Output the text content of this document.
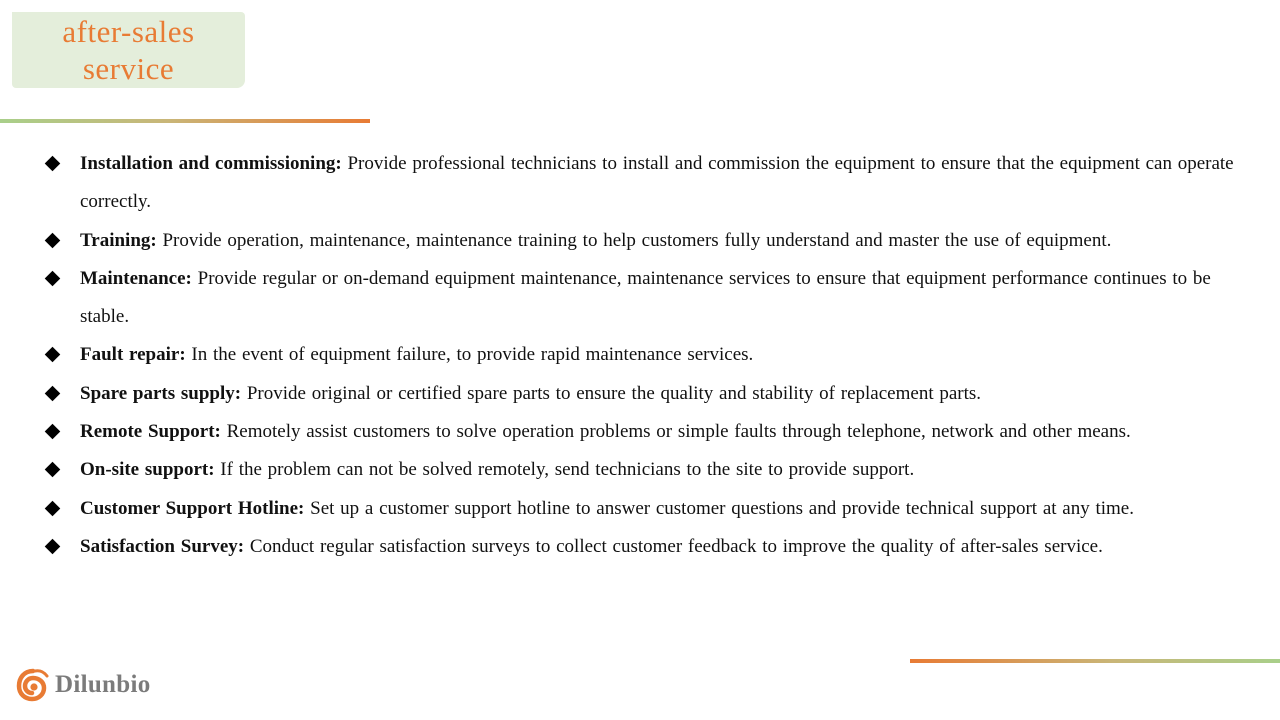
after-sales
service
Installation and commissioning: Provide professional technicians to install and commission the equipment to ensure that the equipment can operate correctly.
Training: Provide operation, maintenance, maintenance training to help customers fully understand and master the use of equipment.
Maintenance: Provide regular or on-demand equipment maintenance, maintenance services to ensure that equipment performance continues to be stable.
Fault repair: In the event of equipment failure, to provide rapid maintenance services.
Spare parts supply: Provide original or certified spare parts to ensure the quality and stability of replacement parts.
Remote Support: Remotely assist customers to solve operation problems or simple faults through telephone, network and other means.
On-site support: If the problem can not be solved remotely, send technicians to the site to provide support.
Customer Support Hotline: Set up a customer support hotline to answer customer questions and provide technical support at any time.
Satisfaction Survey: Conduct regular satisfaction surveys to collect customer feedback to improve the quality of after-sales service.
Dilunbio
